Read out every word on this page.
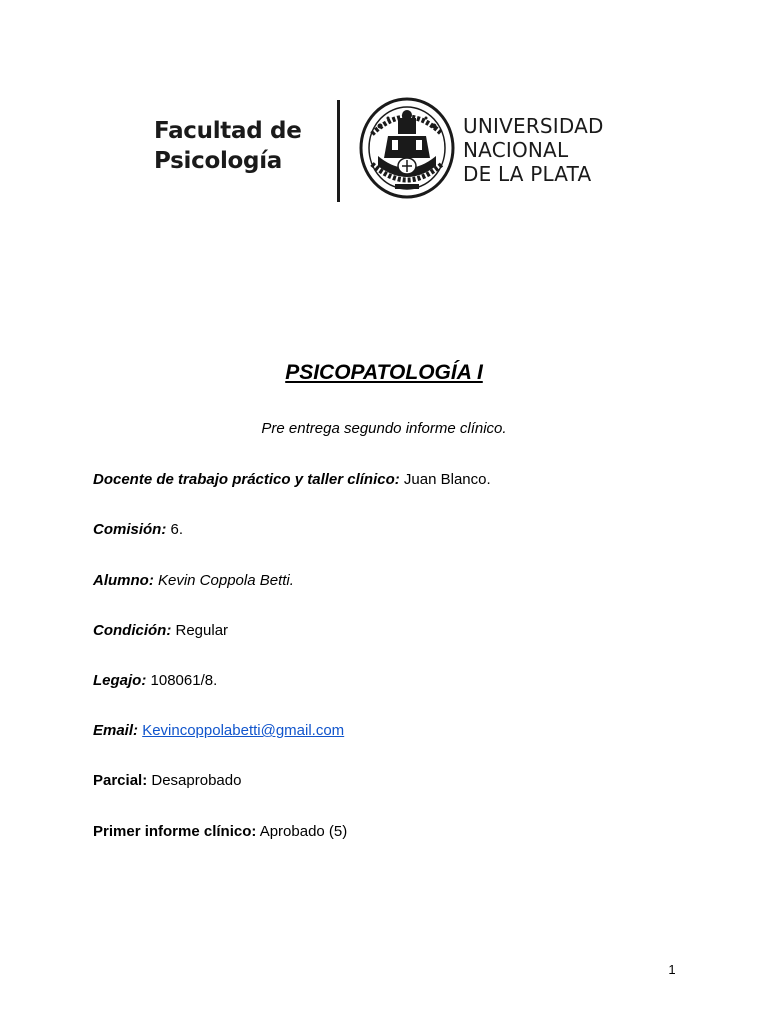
Facultad de
Psicología
UNIVERSIDAD
NACIONAL
DE LA PLATA
PSICOPATOLOGÍA I
Pre entrega segundo informe clínico.
Docente de trabajo práctico y taller clínico: Juan Blanco.
Comisión: 6.
Alumno: Kevin Coppola Betti.
Condición: Regular
Legajo: 108061/8.
Email: Kevincoppolabetti@gmail.com
Parcial: Desaprobado
Primer informe clínico: Aprobado (5)
1
